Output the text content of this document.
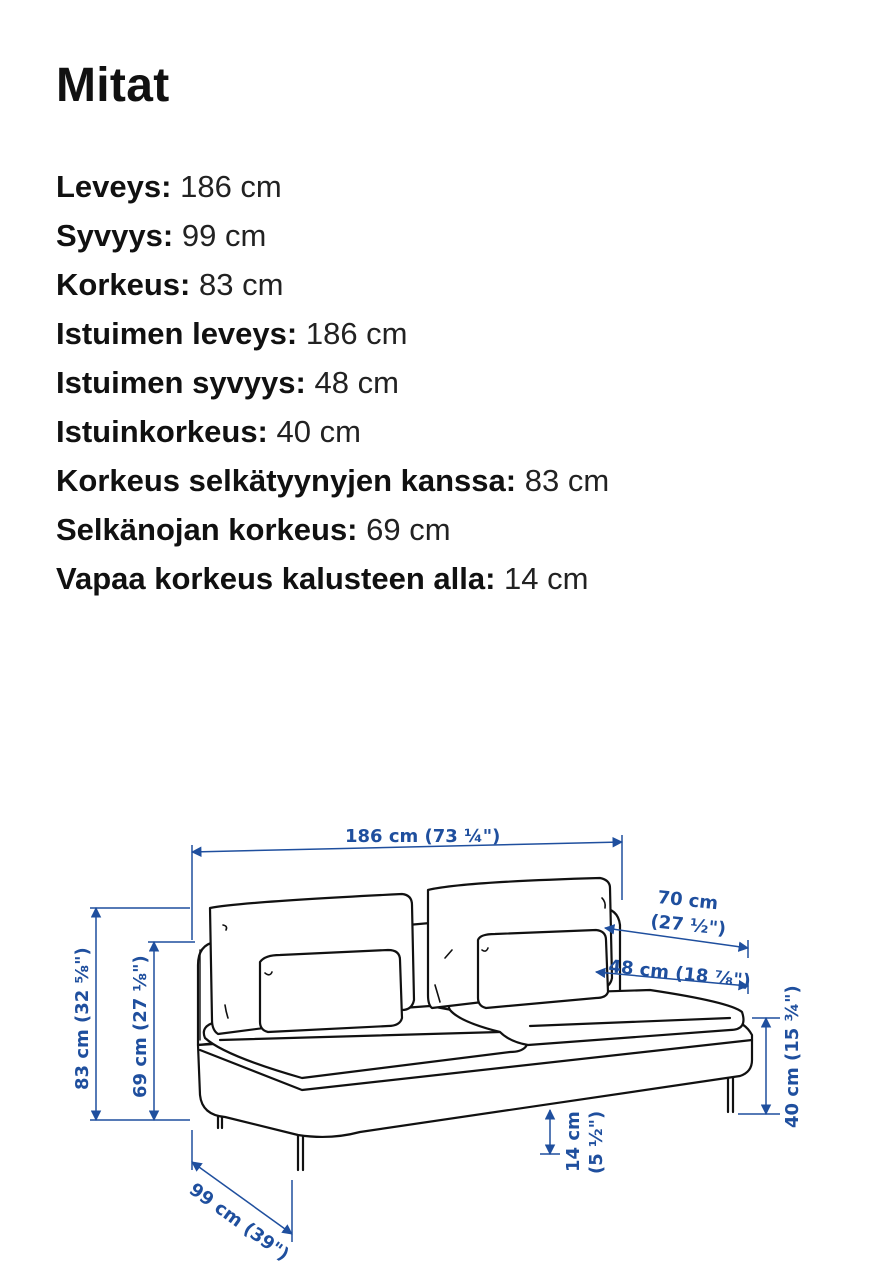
Mitat
Leveys: 186 cm
Syvyys: 99 cm
Korkeus: 83 cm
Istuimen leveys: 186 cm
Istuimen syvyys: 48 cm
Istuinkorkeus: 40 cm
Korkeus selkätyynyjen kanssa: 83 cm
Selkänojan korkeus: 69 cm
Vapaa korkeus kalusteen alla: 14 cm
186 cm (73 ¼")
70 cm
(27 ½")
48 cm (18 ⅞")
83 cm (32 ⅝") 69 cm (27 ⅛")	40 cm (15 ¾")
14 cm (5 ½")
99 cm (39")
